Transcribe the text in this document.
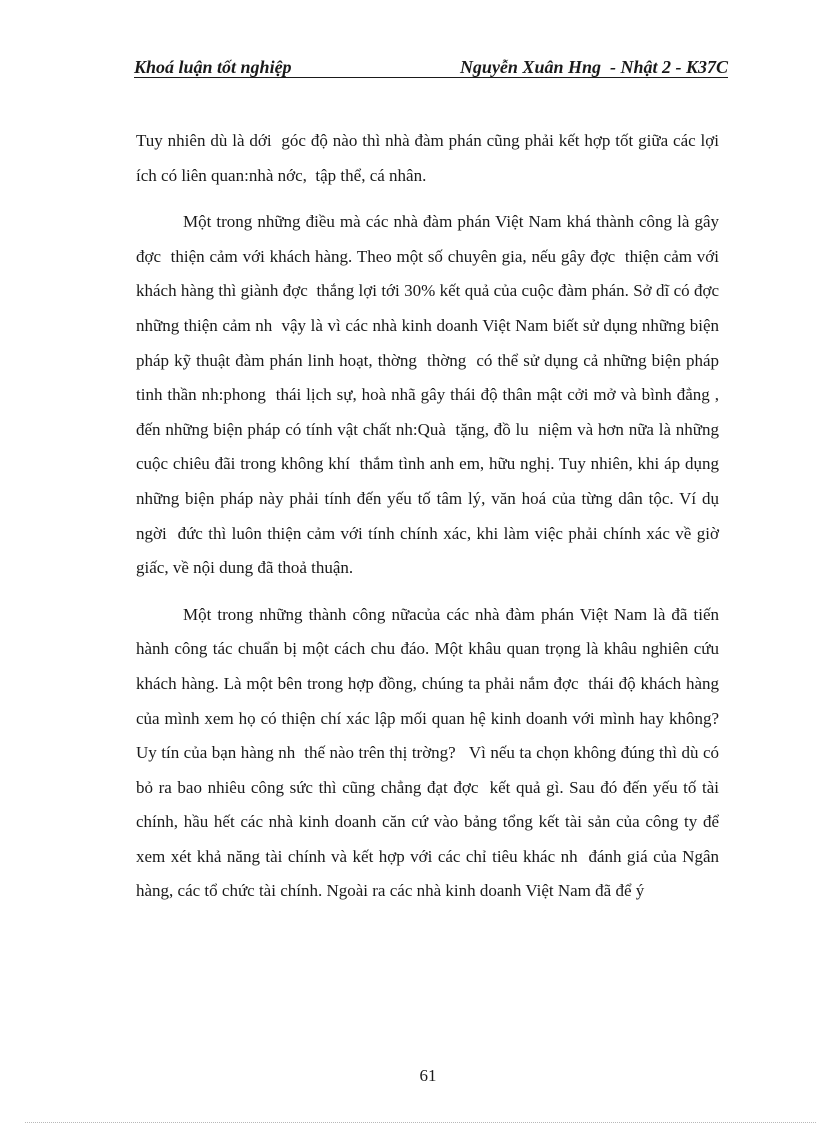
Khoá luận tốt nghiệp	Nguyễn Xuân Hng  - Nhật 2 - K37C

Tuy nhiên dù là dới  góc độ nào thì nhà đàm phán cũng phải kết hợp tốt giữa các lợi ích có liên quan:nhà nớc,  tập thể, cá nhân.

Một trong những điều mà các nhà đàm phán Việt Nam khá thành công là gây đợc  thiện cảm với khách hàng. Theo một số chuyên gia, nếu gây đợc  thiện cảm với khách hàng thì giành đợc  thắng lợi tới 30% kết quả của cuộc đàm phán. Sở dĩ có đợc  những thiện cảm nh  vậy là vì các nhà kinh doanh Việt Nam biết sử dụng những biện pháp kỹ thuật đàm phán linh hoạt, thờng  thờng  có thể sử dụng cả những biện pháp tinh thần nh:phong  thái lịch sự, hoà nhã gây thái độ thân mật cởi mở và bình đẳng , đến những biện pháp có tính vật chất nh:Quà  tặng, đồ lu  niệm và hơn nữa là những cuộc chiêu đãi trong không khí  thắm tình anh em, hữu nghị. Tuy nhiên, khi áp dụng những biện pháp này phải tính đến yếu tố tâm lý, văn hoá của từng dân tộc. Ví dụ ngời  đức thì luôn thiện cảm với tính chính xác, khi làm việc phải chính xác về giờ giấc, về nội dung đã thoả thuận.

Một trong những thành công nữacủa các nhà đàm phán Việt Nam là đã tiến hành công tác chuẩn bị một cách chu đáo. Một khâu quan trọng là khâu nghiên cứu khách hàng. Là một bên trong hợp đồng, chúng ta phải nắm đợc  thái độ khách hàng của mình xem họ có thiện chí xác lập mối quan hệ kinh doanh với mình hay không? Uy tín của bạn hàng nh  thế nào trên thị trờng?   Vì nếu ta chọn không đúng thì dù có bỏ ra bao nhiêu công sức thì cũng chẳng đạt đợc  kết quả gì. Sau đó đến yếu tố tài chính, hầu hết các nhà kinh doanh căn cứ vào bảng tổng kết tài sản của công ty để xem xét khả năng tài chính và kết hợp với các chỉ tiêu khác nh  đánh giá của Ngân hàng, các tổ chức tài chính. Ngoài ra các nhà kinh doanh Việt Nam đã để ý

61
